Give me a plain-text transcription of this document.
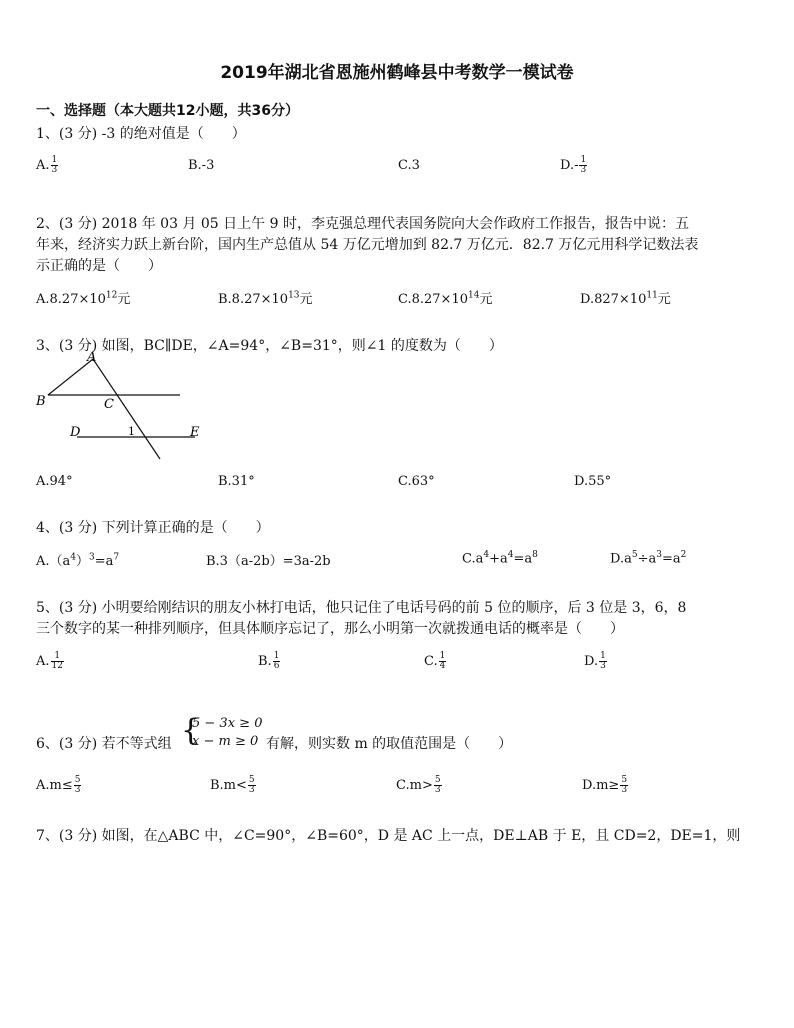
2019年湖北省恩施州鹤峰县中考数学一模试卷
一、选择题（本大题共12小题，共36分）
1、(3 分) -3 的绝对值是（　　）
A. $\frac{1}{3}$	B.-3	C.3	$D.- \frac{1}{3}$
2、(3 分) 2018 年 03 月 05 日上午 9 时，李克强总理代表国务院向大会作政府工作报告，报告中说：五
年来，经济实力跃上新台阶，国内生产总值从 54 万亿元增加到 82.7 万亿元．82.7 万亿元用科学记数法表
示正确的是（　　）
$A.8.27\times 10^{12}$元	$B.8.27\times 10^{13}$元	$C.8.27\times 10^{14}$元	$D.827\times 10^{11}$元
3、(3 分) 如图，BC∥DE，∠A=94°，∠B=31°，则∠1 的度数为（　　）
A
B	C
D	E
1
A.94°	B.31°	C.63°	D.55°
4、(3 分) 下列计算正确的是（　　）
$A.(a^4)^3=a^7$	B.3（a-2b）=3a-2b	$C.a^4+a^4=a^8$	$D.a^5\div a^3=a^2$
5、(3 分) 小明要给刚结识的朋友小林打电话，他只记住了电话号码的前 5 位的顺序，后 3 位是 3，6，8
三个数字的某一种排列顺序，但具体顺序忘记了，那么小明第一次就拨通电话的概率是（　　）
A. $\frac{1}{12}$	B. $\frac{1}{6}$	C. $\frac{1}{4}$	D. $\frac{1}{3}$
6、(3 分) 若不等式组 {
5 − 3x ≥ 0
x − m ≥ 0 有解，则实数 m 的取值范围是（　　）
$A.m\le \frac{5}{3}$	$B.m< \frac{5}{3}$	$C.m> \frac{5}{3}$	$D.m\ge \frac{5}{3}$
7、(3 分) 如图，在△ABC 中，∠C=90°，∠B=60°，D 是 AC 上一点，DE⊥AB 于 E，且 CD=2，DE=1，则
